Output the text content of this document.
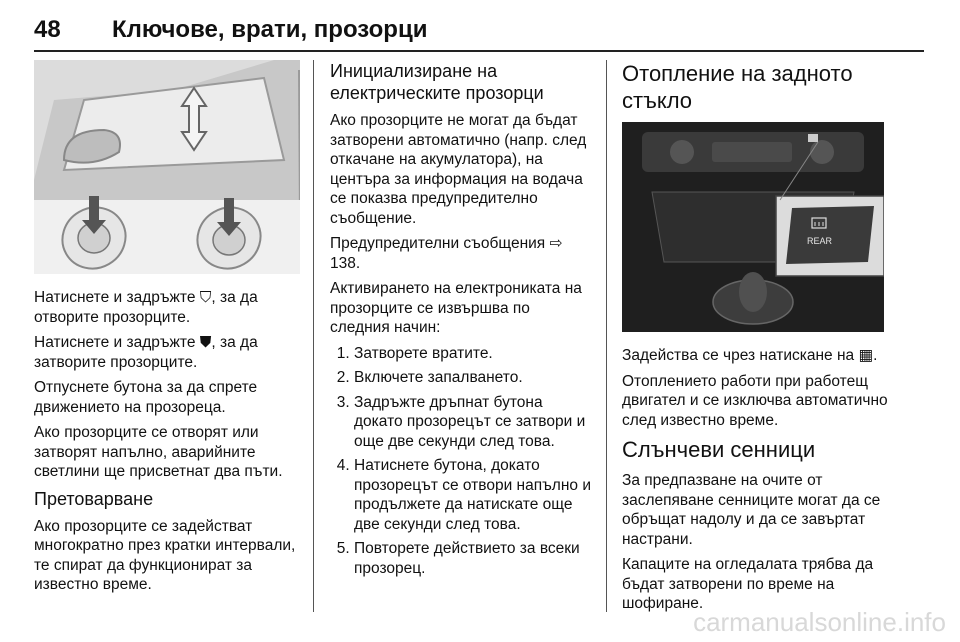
48 Ключове, врати, прозорци

Натиснете и задръжте ⛉, за да отворите прозорците.

Натиснете и задръжте ⛊, за да затворите прозорците.

Отпуснете бутона за да спрете движението на прозореца.

Ако прозорците се отворят или затворят напълно, аварийните светлини ще присветнат два пъти.

Претоварване

Ако прозорците се задействат многократно през кратки интервали, те спират да функционират за известно време.

Инициализиране на електрическите прозорци

Ако прозорците не могат да бъдат затворени автоматично (напр. след откачане на акумулатора), на центъра за информация на водача се показва предупредително съобщение.

Предупредителни съобщения ⇨ 138.

Активирането на електрониката на прозорците се извършва по следния начин:

1. Затворете вратите.
2. Включете запалването.
3. Задръжте дръпнат бутона докато прозорецът се затвори и още две секунди след това.
4. Натиснете бутона, докато прозорецът се отвори напълно и продължете да натискате още две секунди след това.
5. Повторете действието за всеки прозорец.
Отопление на задното стъкло
REAR

Задействa се чрез натискане на ▦.

Отоплението работи при работещ двигател и се изключва автоматично след известно време.

Слънчеви сенници

За предпазване на очите от заслепяване сенниците могат да се обръщат надолу и да се завъртат настрани.

Капаците на огледалата трябва да бъдат затворени по време на шофиране.

carmanualsonline.info
